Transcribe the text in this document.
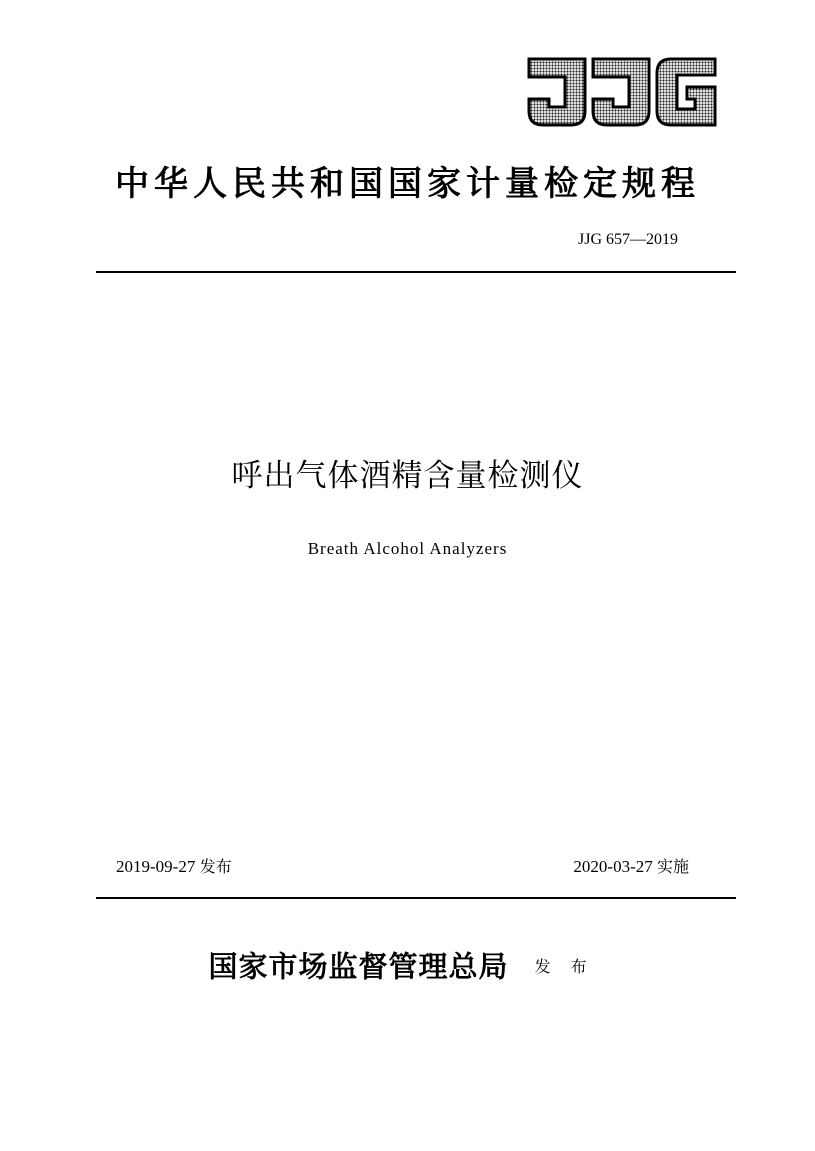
中华人民共和国国家计量检定规程
JJG 657—2019
呼出气体酒精含量检测仪
Breath Alcohol Analyzers
2019-09-27 发布	2020-03-27 实施
国家市场监督管理总局 发布
